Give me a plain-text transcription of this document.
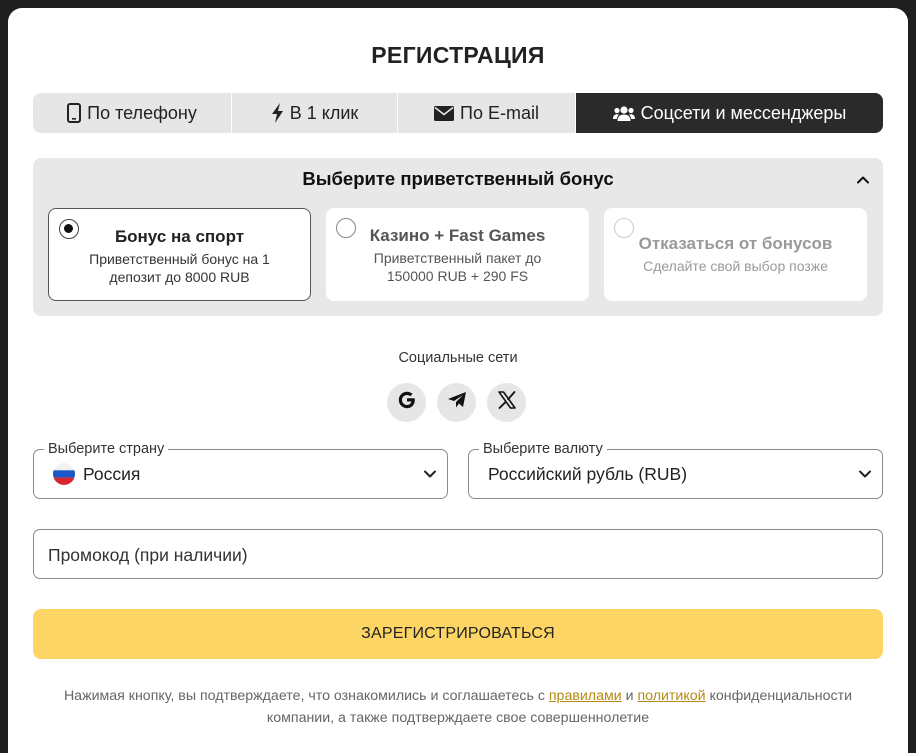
РЕГИСТРАЦИЯ
По телефону	В 1 клик	По E-mail	Соцсети и мессенджеры
Выберите приветственный бонус
Бонус на спорт
Приветственный бонус на 1 депозит до 8000 RUB
Казино + Fast Games
Приветственный пакет до 150000 RUB + 290 FS
Отказаться от бонусов
Сделайте свой выбор позже
Социальные сети
Выберите страну
Россия
Выберите валюту
Российский рубль (RUB)
Промокод (при наличии)
ЗАРЕГИСТРИРОВАТЬСЯ
Нажимая кнопку, вы подтверждаете, что ознакомились и соглашаетесь с правилами и политикой конфиденциальности компании, а также подтверждаете свое совершеннолетие
